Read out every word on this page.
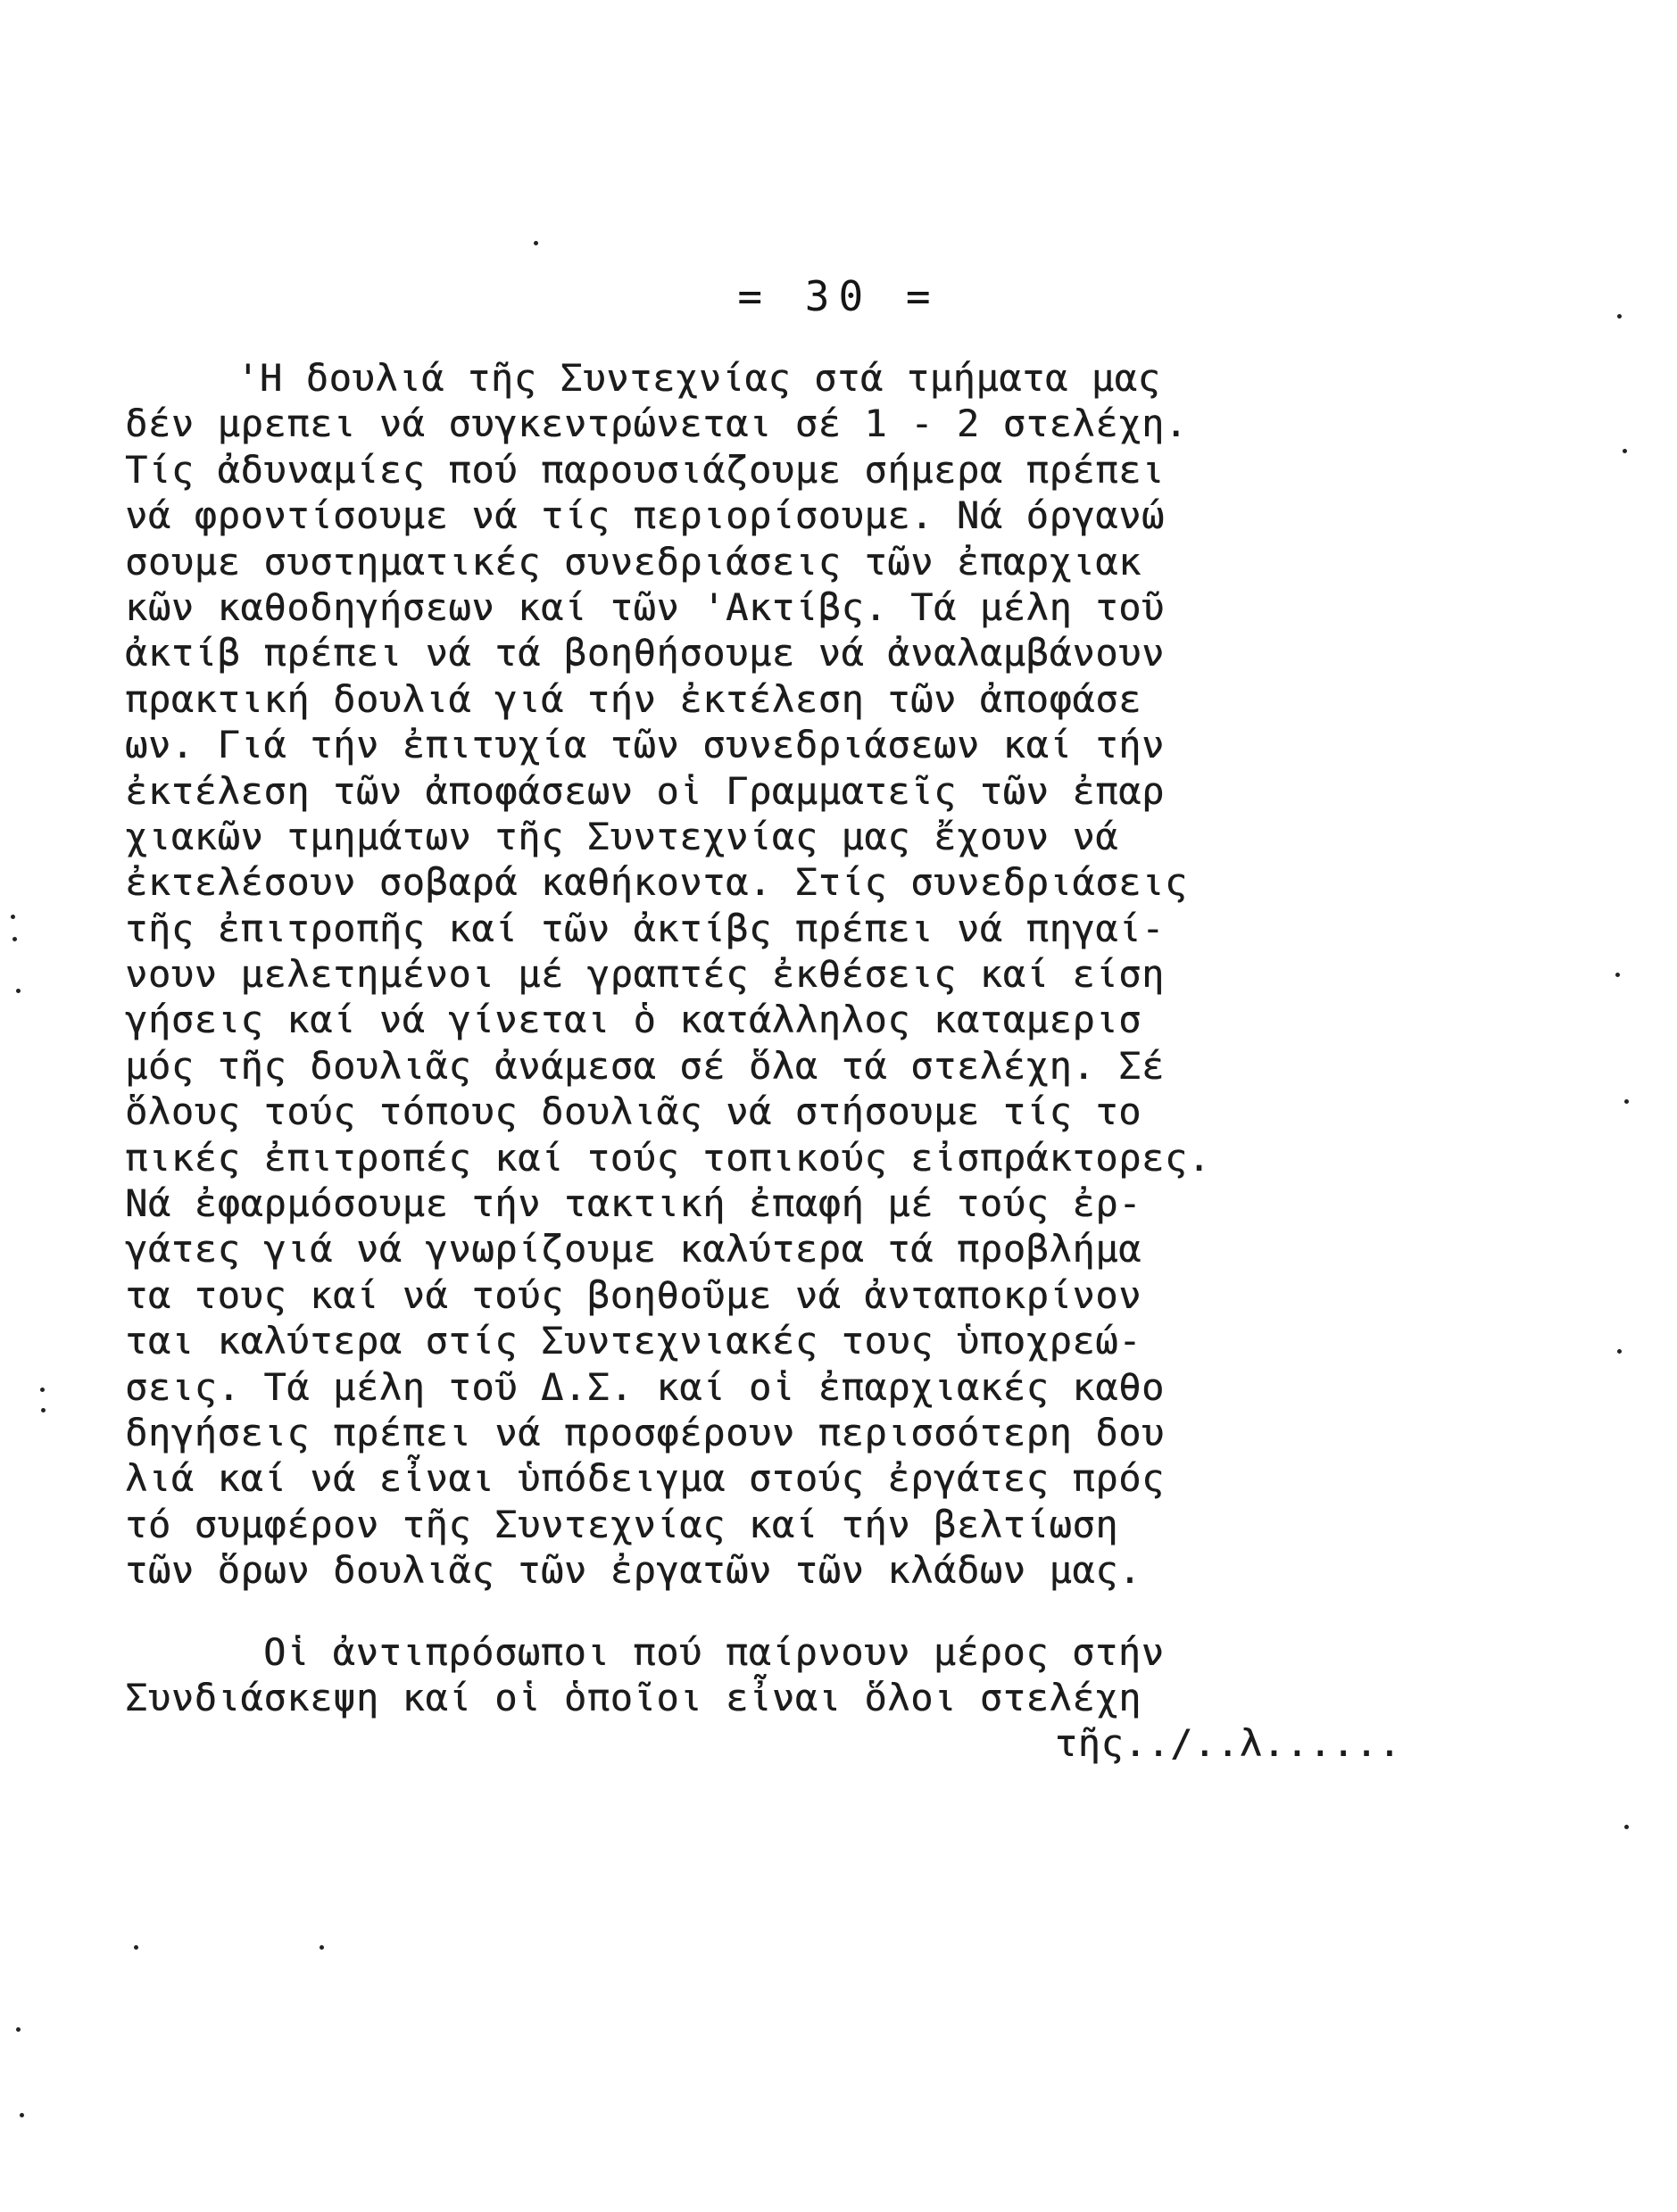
= 30 =
'Η δουλιά τῆς Συντεχνίας στά τμήματα μας
δέν μρεπει νά συγκεντρώνεται σέ 1 - 2 στελέχη.
Τίς ἀδυναμίες πού παρουσιάζουμε σήμερα πρέπει
νά φροντίσουμε νά τίς περιορίσουμε. Νά όργανώ
σουμε συστηματικές συνεδριάσεις τῶν ἐπαρχιακ
κῶν καθοδηγήσεων καί τῶν 'Ακτίβς. Τά μέλη τοῦ
ἀκτίβ πρέπει νά τά βοηθήσουμε νά ἀναλαμβάνουν
πρακτική δουλιά γιά τήν ἐκτέλεση τῶν ἀποφάσε
ων. Γιά τήν ἐπιτυχία τῶν συνεδριάσεων καί τήν
ἐκτέλεση τῶν ἀποφάσεων οἱ Γραμματεῖς τῶν ἐπαρ
χιακῶν τμημάτων τῆς Συντεχνίας μας ἔχουν νά
ἐκτελέσουν σοβαρά καθήκοντα. Στίς συνεδριάσεις
τῆς ἐπιτροπῆς καί τῶν ἀκτίβς πρέπει νά πηγαί-
νουν μελετημένοι μέ γραπτές ἐκθέσεις καί είση
γήσεις καί νά γίνεται ὁ κατάλληλος καταμερισ
μός τῆς δουλιᾶς ἀνάμεσα σέ ὅλα τά στελέχη. Σέ
ὅλους τούς τόπους δουλιᾶς νά στήσουμε τίς το
πικές ἐπιτροπές καί τούς τοπικούς εἰσπράκτορες.
Νά ἐφαρμόσουμε τήν τακτική ἐπαφή μέ τούς ἐρ-
γάτες γιά νά γνωρίζουμε καλύτερα τά προβλήμα
τα τους καί νά τούς βοηθοῦμε νά ἀνταποκρίνον
ται καλύτερα στίς Συντεχνιακές τους ὑποχρεώ-
σεις. Τά μέλη τοῦ Δ.Σ. καί οἱ ἐπαρχιακές καθο
δηγήσεις πρέπει νά προσφέρουν περισσότερη δου
λιά καί νά εἶναι ὑπόδειγμα στούς ἐργάτες πρός
τό συμφέρον τῆς Συντεχνίας καί τήν βελτίωση
τῶν ὅρων δουλιᾶς τῶν ἐργατῶν τῶν κλάδων μας.
Οἱ ἀντιπρόσωποι πού παίρνουν μέρος στήν
Συνδιάσκεψη καί οἱ ὁποῖοι εἶναι ὅλοι στελέχη
τῆς../..λ......
